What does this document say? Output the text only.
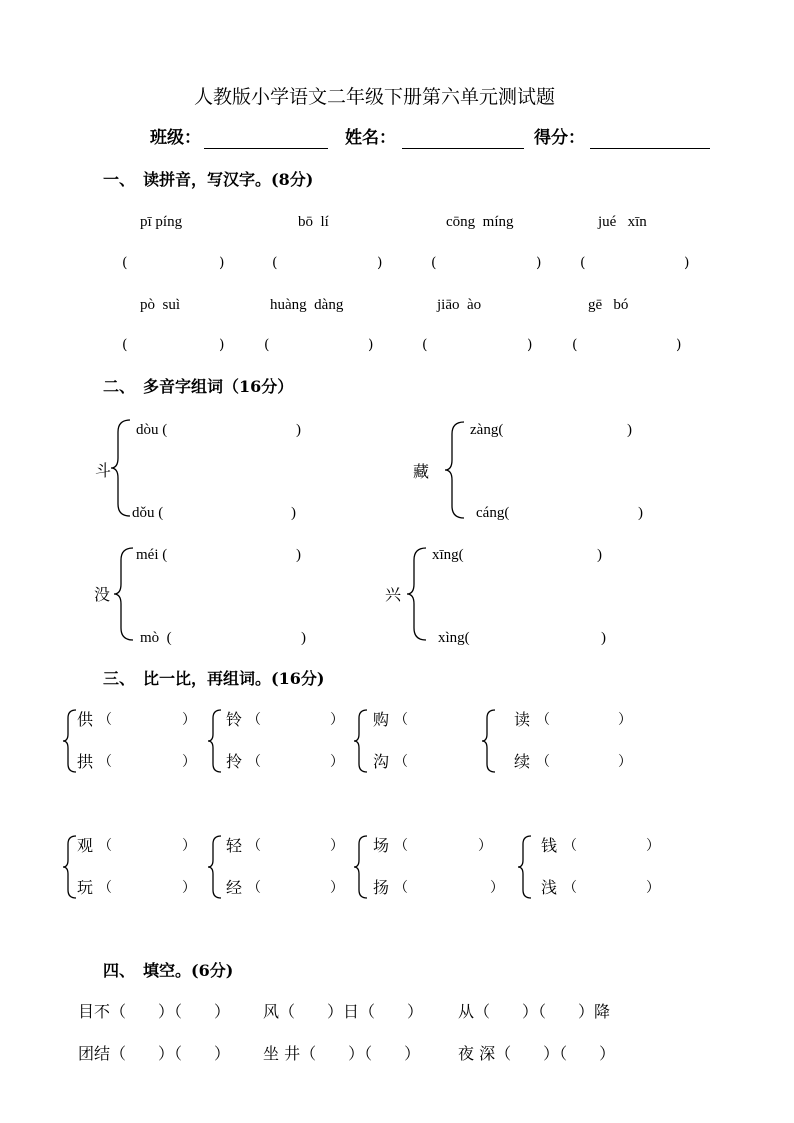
人教版小学语文二年级下册第六单元测试题
班级：	姓名：	得分：
一、　读拼音，写汉字。(8分)
pī píng	bō  lí	cōng  míng	jué   xīn
(	)	(	)	(	)	(	)
pò  suì	huàng  dàng	jiāo  ào	gē   bó
(	)	(	)	(	)	(	)
二、　多音字组词（16分）
斗
dòu (	)
dǒu (	)
藏
zàng(	)
cáng(	)
没
méi (	)
mò  (	)
兴
xīng(	)
xìng(	)
三、　比一比，再组词。(16分)
供 （	） 铃 （	） 购 （	读 （	）
拱 （	） 拎 （	） 沟 （	续 （	）
观 （	） 轻 （	） 场 （	）	钱 （	）
玩 （	） 经 （	） 扬 （	） 浅 （	）
四、　填空。(6分)
目不（　　）（　　） 风（　　）日（　　） 从（　　）（　　）降
团结（　　）（　　） 坐 井（　　）（　　） 夜 深（　　）（　　）
